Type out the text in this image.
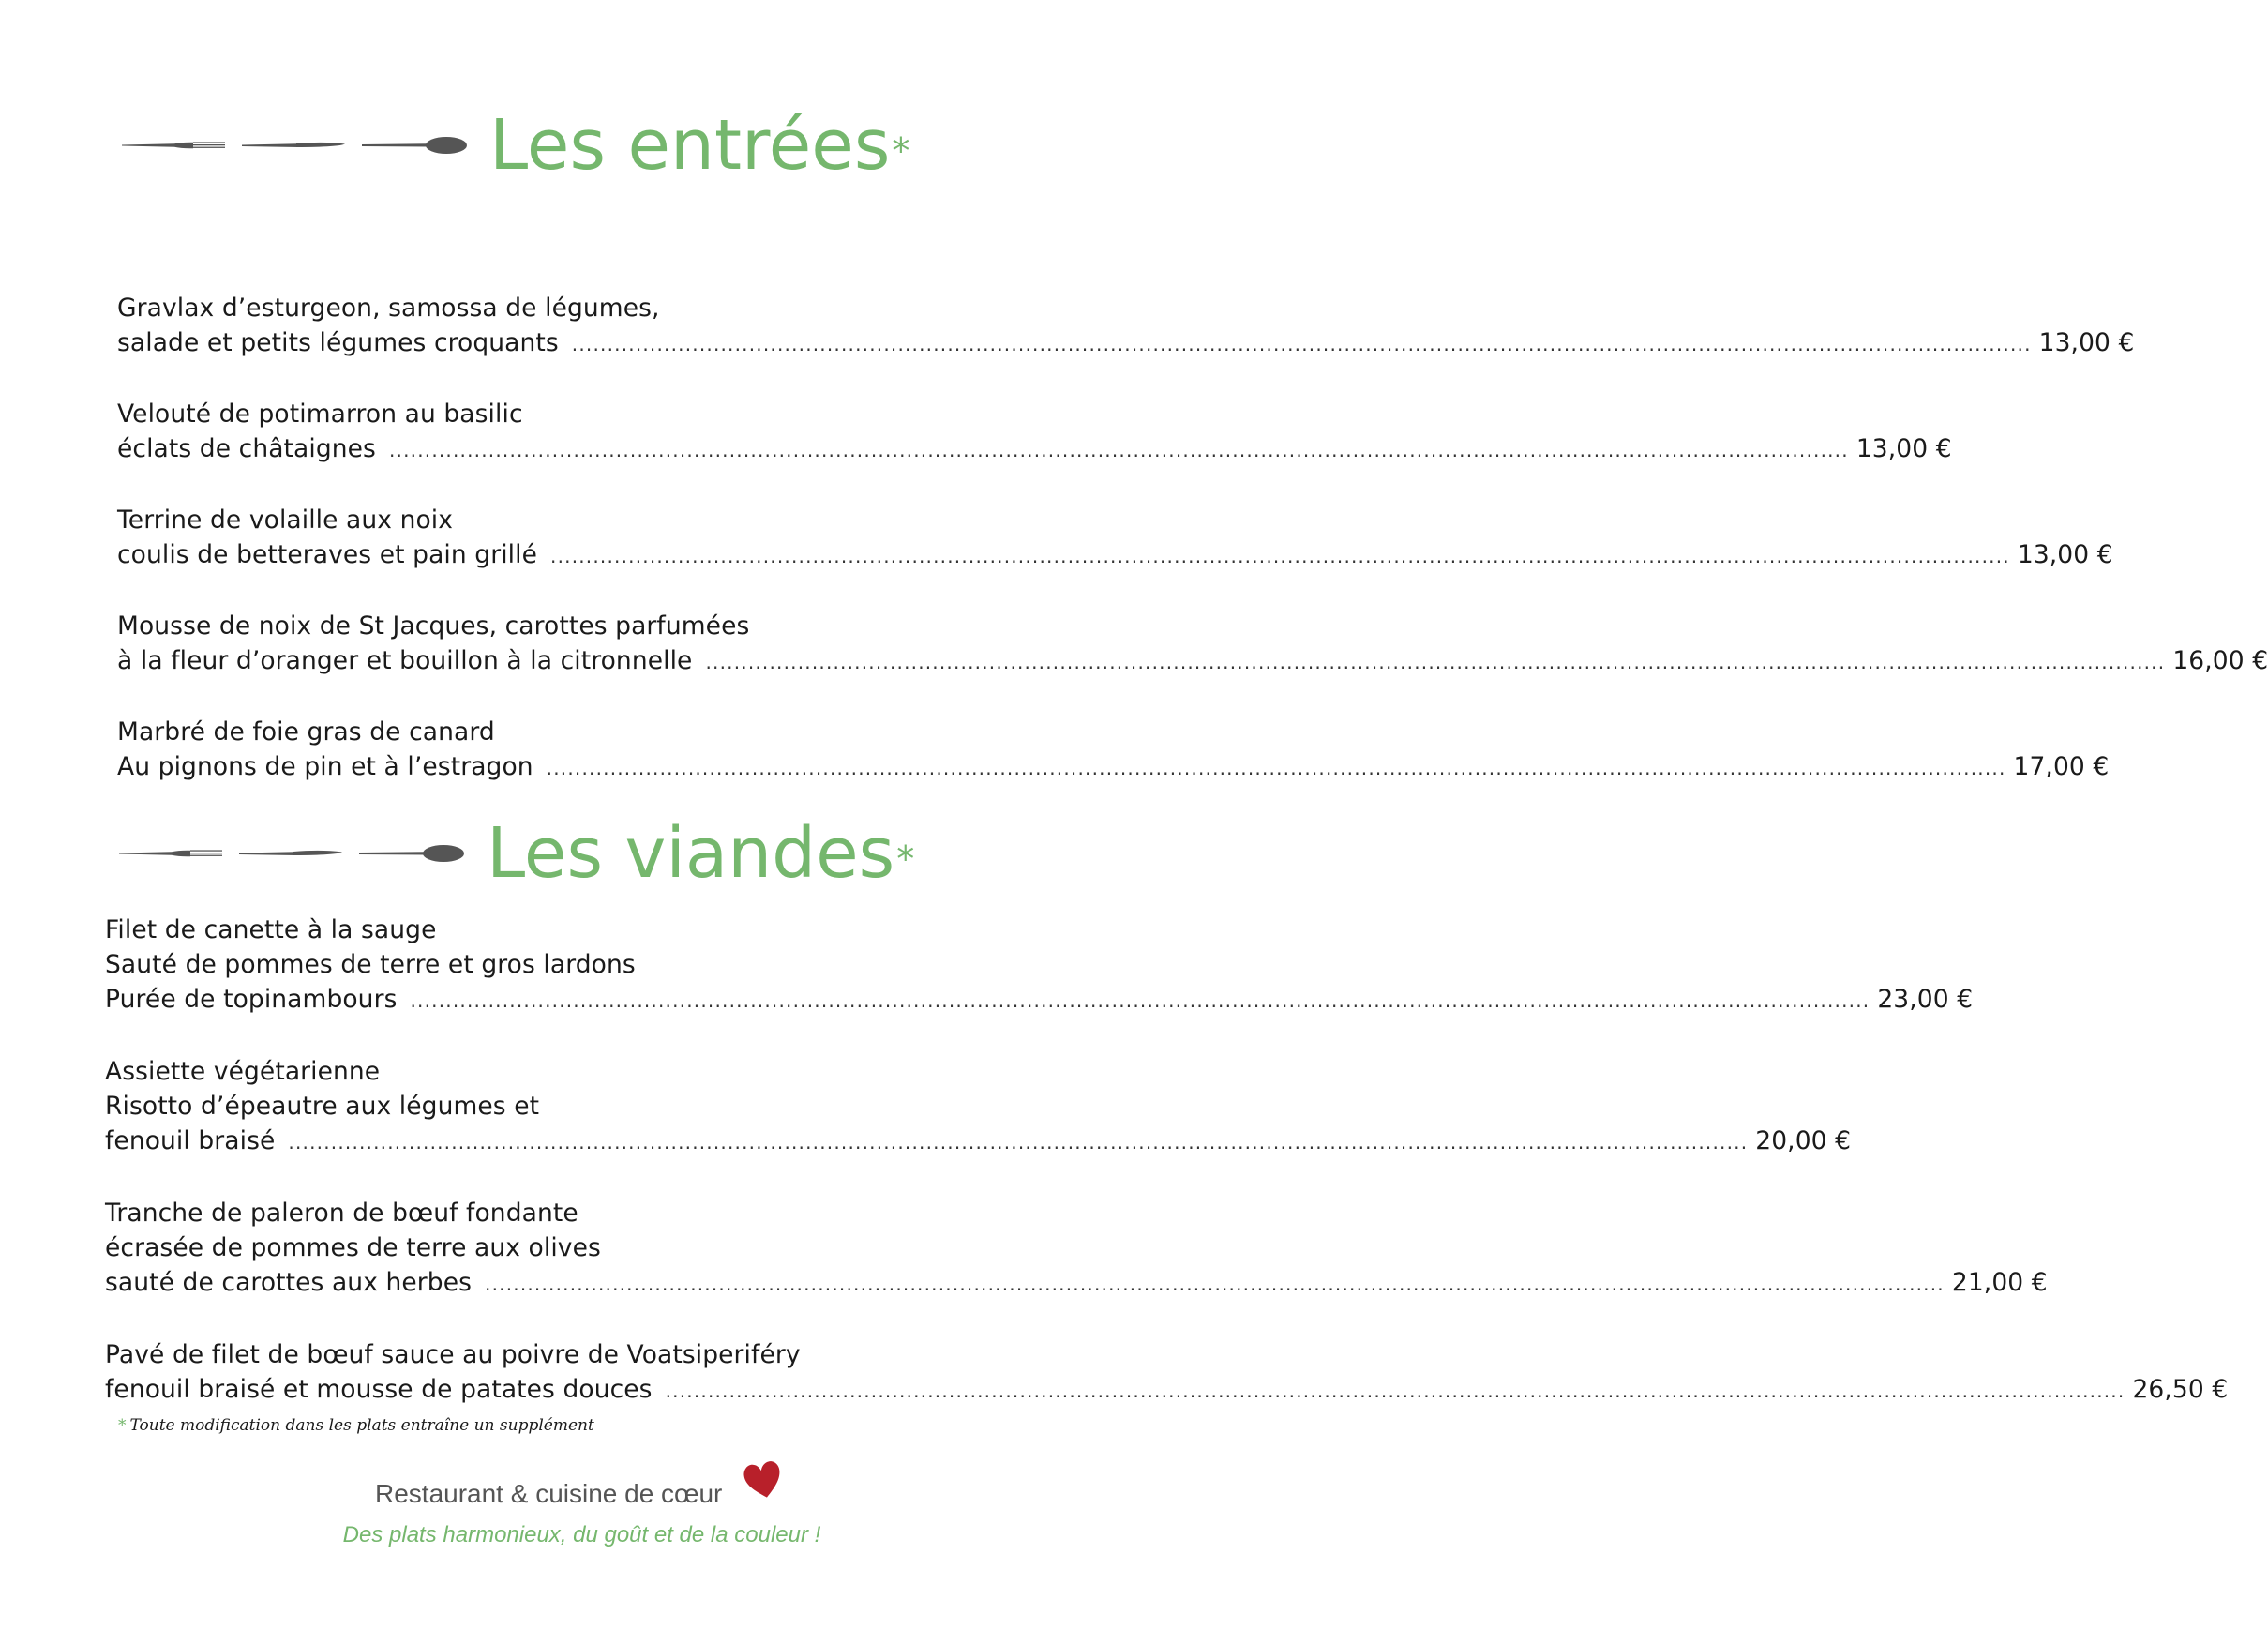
Les entrées*
Gravlax d’esturgeon, samossa de légumes,
salade et petits légumes croquants .............................................................................................................................................................................................................. 13,00 €
Velouté de potimarron au basilic
éclats de châtaignes .............................................................................................................................................................................................................. 13,00 €
Terrine de volaille aux noix
coulis de betteraves et pain grillé .............................................................................................................................................................................................................. 13,00 €
Mousse de noix de St Jacques, carottes parfumées
à la fleur d’oranger et bouillon à la citronnelle .............................................................................................................................................................................................................. 16,00 €
Marbré de foie gras de canard
Au pignons de pin et à l’estragon .............................................................................................................................................................................................................. 17,00 €
Les viandes*
Filet de canette à la sauge
Sauté de pommes de terre et gros lardons
Purée de topinambours .............................................................................................................................................................................................................. 23,00 €
Assiette végétarienne
Risotto d’épeautre aux légumes et
fenouil braisé .............................................................................................................................................................................................................. 20,00 €
Tranche de paleron de bœuf fondante
écrasée de pommes de terre aux olives
sauté de carottes aux herbes .............................................................................................................................................................................................................. 21,00 €
Pavé de filet de bœuf sauce au poivre de Voatsiperiféry
fenouil braisé et mousse de patates douces .............................................................................................................................................................................................................. 26,50 €
* Toute modification dans les plats entraîne un supplément
Restaurant & cuisine de cœur
Des plats harmonieux, du goût et de la couleur !
